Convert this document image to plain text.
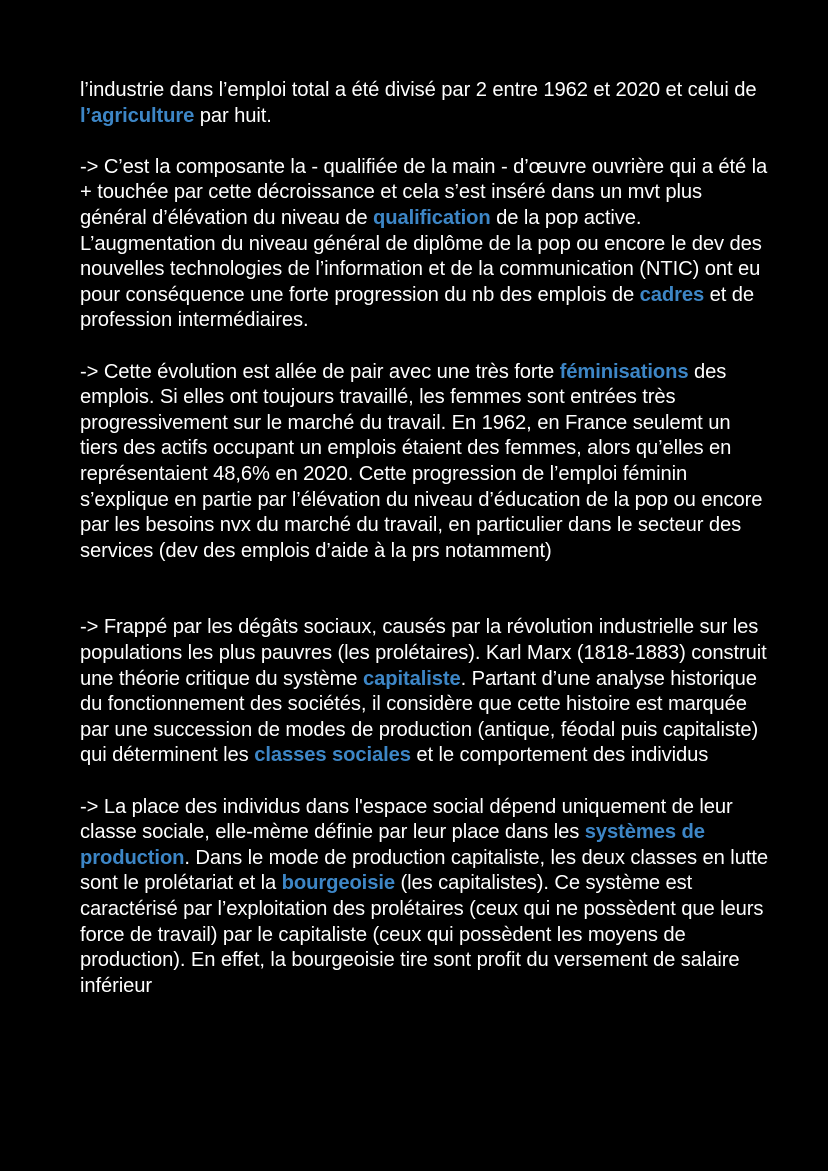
l’industrie dans l’emploi total a été divisé par 2 entre 1962 et 2020 et celui de l’agriculture par huit.

-> C’est la composante la - qualifiée de la main - d’œuvre ouvrière qui a été la + touchée par cette décroissance et cela s’est inséré dans un mvt plus général d’élévation du niveau de qualification de la pop active. L’augmentation du niveau général de diplôme de la pop ou encore le dev des nouvelles technologies de l’information et de la communication (NTIC) ont eu pour conséquence une forte progression du nb des emplois de cadres et de profession intermédiaires.

-> Cette évolution est allée de pair avec une très forte féminisations des emplois. Si elles ont toujours travaillé, les femmes sont entrées très progressivement sur le marché du travail. En 1962, en France seulemt un tiers des actifs occupant un emplois étaient des femmes, alors qu’elles en représentaient 48,6% en 2020. Cette progression de l’emploi féminin s’explique en partie par l’élévation du niveau d’éducation de la pop ou encore par les besoins nvx du marché du travail, en particulier dans le secteur des services (dev des emplois d’aide à la prs notamment)

-> Frappé par les dégâts sociaux, causés par la révolution industrielle sur les populations les plus pauvres (les prolétaires). Karl Marx (1818-1883) construit une théorie critique du système capitaliste. Partant d’une analyse historique du fonctionnement des sociétés, il considère que cette histoire est marquée par une succession de modes de production (antique, féodal puis capitaliste) qui déterminent les classes sociales et le comportement des individus

-> La place des individus dans l'espace social dépend uniquement de leur classe sociale, elle-mème définie par leur place dans les systèmes de production. Dans le mode de production capitaliste, les deux classes en lutte sont le prolétariat et la bourgeoisie (les capitalistes). Ce système est caractérisé par l’exploitation des prolétaires (ceux qui ne possèdent que leurs force de travail) par le capitaliste (ceux qui possèdent les moyens de production). En effet, la bourgeoisie tire sont profit du versement de salaire inférieur
